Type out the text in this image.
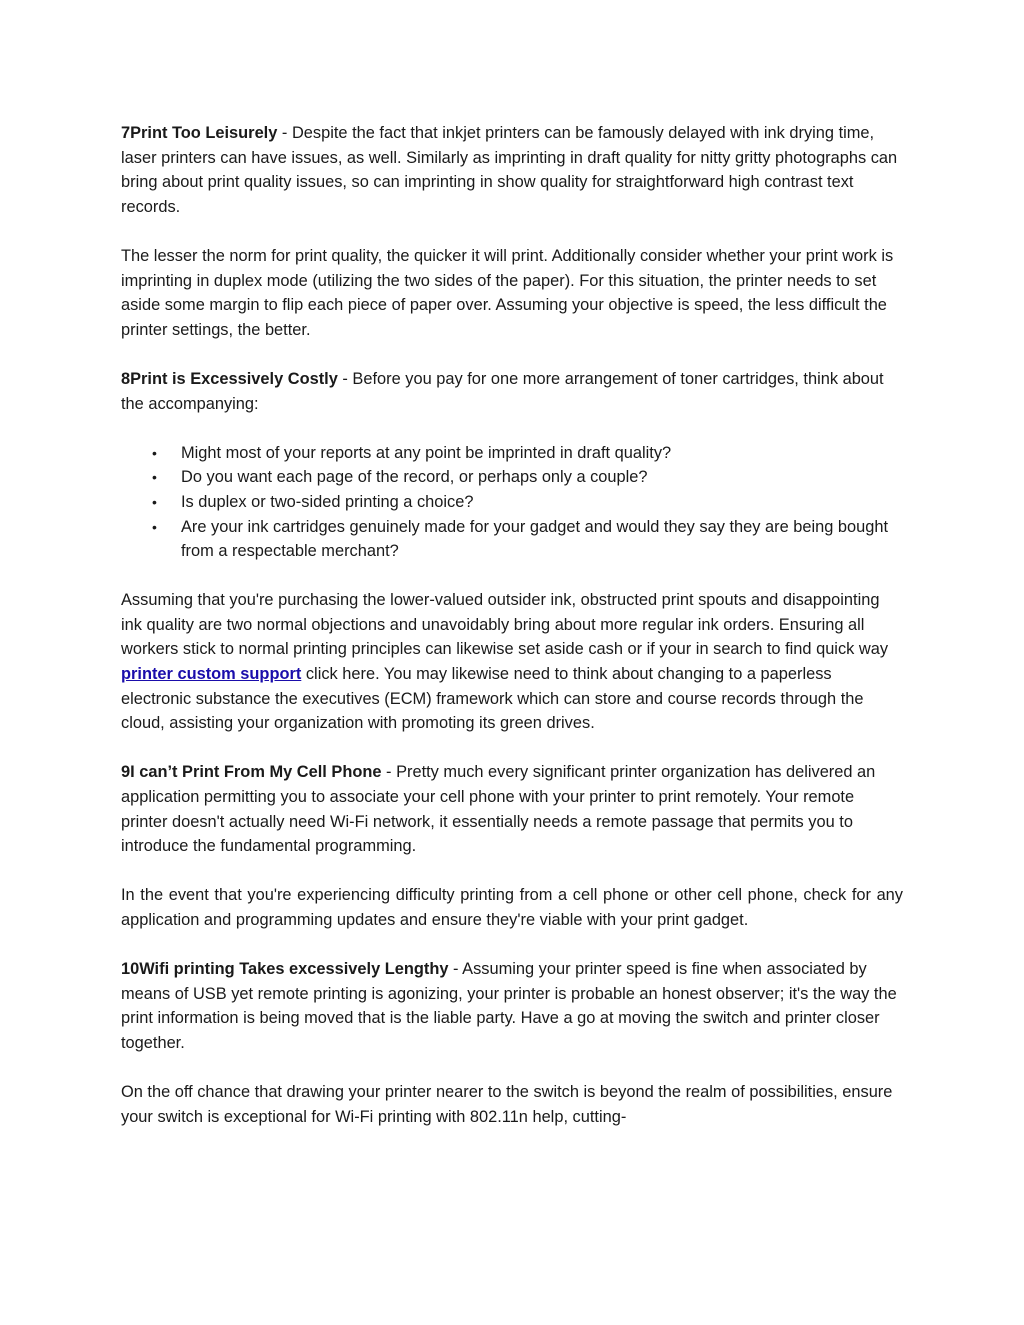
7Print Too Leisurely - Despite the fact that inkjet printers can be famously delayed with ink drying time, laser printers can have issues, as well. Similarly as imprinting in draft quality for nitty gritty photographs can bring about print quality issues, so can imprinting in show quality for straightforward high contrast text records.

The lesser the norm for print quality, the quicker it will print. Additionally consider whether your print work is imprinting in duplex mode (utilizing the two sides of the paper). For this situation, the printer needs to set aside some margin to flip each piece of paper over. Assuming your objective is speed, the less difficult the printer settings, the better.

8Print is Excessively Costly - Before you pay for one more arrangement of toner cartridges, think about the accompanying:

• Might most of your reports at any point be imprinted in draft quality?
• Do you want each page of the record, or perhaps only a couple?
• Is duplex or two-sided printing a choice?
• Are your ink cartridges genuinely made for your gadget and would they say they are being bought from a respectable merchant?

Assuming that you're purchasing the lower-valued outsider ink, obstructed print spouts and disappointing ink quality are two normal objections and unavoidably bring about more regular ink orders. Ensuring all workers stick to normal printing principles can likewise set aside cash or if your in search to find quick way printer custom support click here. You may likewise need to think about changing to a paperless electronic substance the executives (ECM) framework which can store and course records through the cloud, assisting your organization with promoting its green drives.

9I can’t Print From My Cell Phone - Pretty much every significant printer organization has delivered an application permitting you to associate your cell phone with your printer to print remotely. Your remote printer doesn't actually need Wi-Fi network, it essentially needs a remote passage that permits you to introduce the fundamental programming.

In the event that you're experiencing difficulty printing from a cell phone or other cell phone, check for any application and programming updates and ensure they're viable with your print gadget.

10Wifi printing Takes excessively Lengthy - Assuming your printer speed is fine when associated by means of USB yet remote printing is agonizing, your printer is probable an honest observer; it's the way the print information is being moved that is the liable party. Have a go at moving the switch and printer closer together.

On the off chance that drawing your printer nearer to the switch is beyond the realm of possibilities, ensure your switch is exceptional for Wi-Fi printing with 802.11n help, cutting-
